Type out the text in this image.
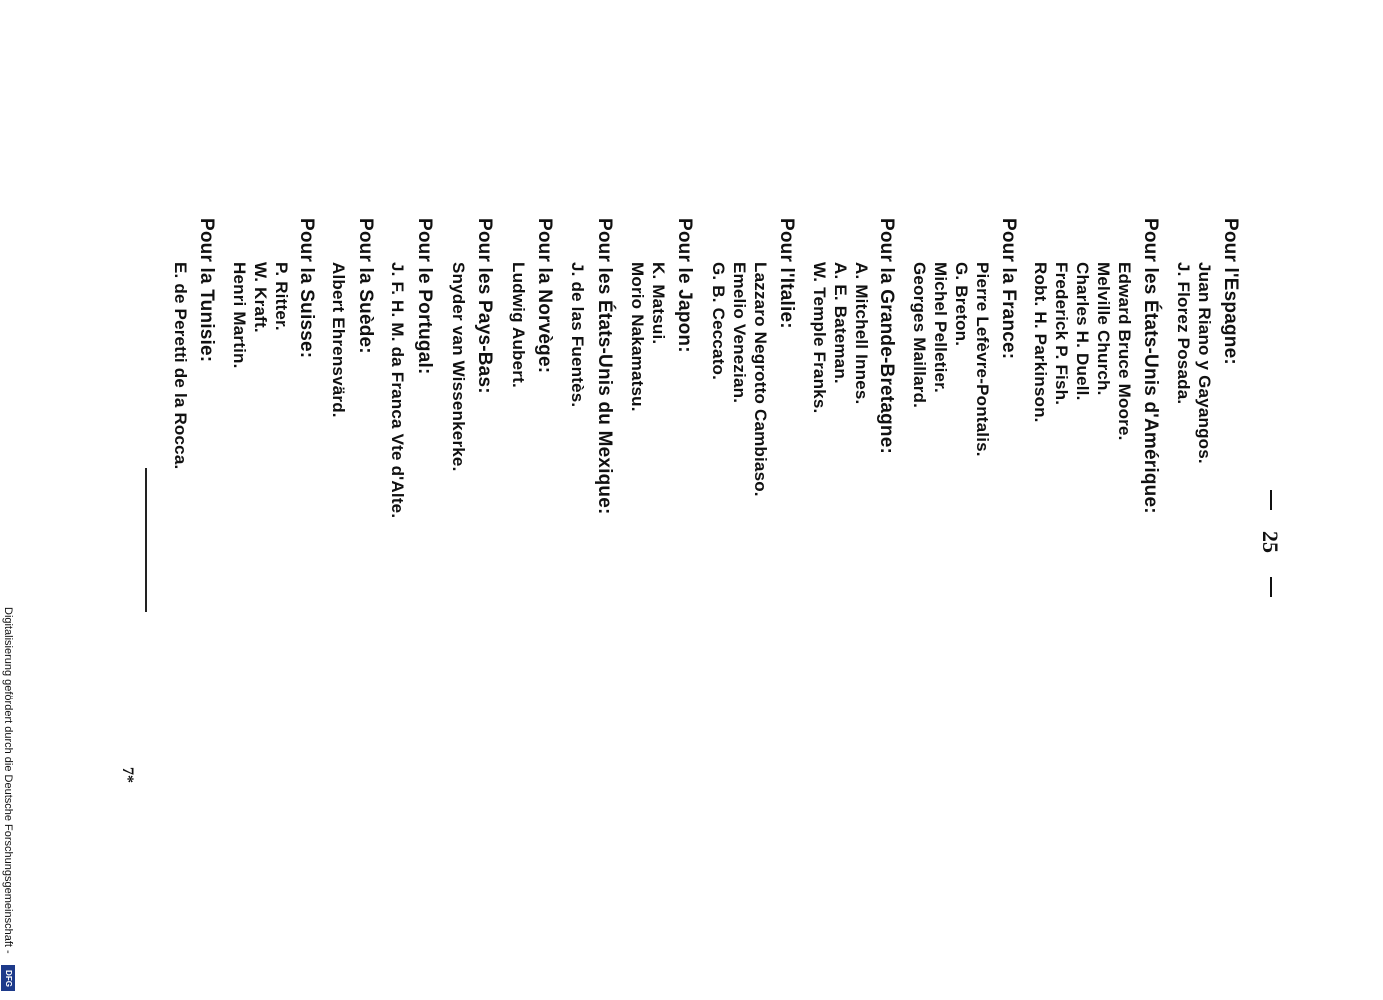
25
Pour l'Espagne:
Juan Riano y Gayangos.
J. Florez Posada.
Pour les États-Unis d'Amérique:
Edward Bruce Moore.
Melville Church.
Charles H. Duell.
Frederick P. Fish.
Robt. H. Parkinson.
Pour la France:
Pierre Lefèvre-Pontalis.
G. Breton.
Michel Pelletier.
Georges Maillard.
Pour la Grande-Bretagne:
A. Mitchell Innes.
A. E. Bateman.
W. Temple Franks.
Pour l'Italie:
Lazzaro Negrotto Cambiaso.
Emelio Venezian.
G. B. Ceccato.
Pour le Japon:
K. Matsui.
Morio Nakamatsu.
Pour les États-Unis du Mexique:
J. de las Fuentès.
Pour la Norvège:
Ludwig Aubert.
Pour les Pays-Bas:
Snyder van Wissenkerke.
Pour le Portugal:
J. F. H. M. da Franca Vte d'Alte.
Pour la Suède:
Albert Ehrensvärd.
Pour la Suisse:
P. Ritter.
W. Kraft.
Henri Martin.
Pour la Tunisie:
E. de Peretti de la Rocca.
7*
Digitalisierung gefördert durch die Deutsche Forschungsgemeinschaft -
DFG
